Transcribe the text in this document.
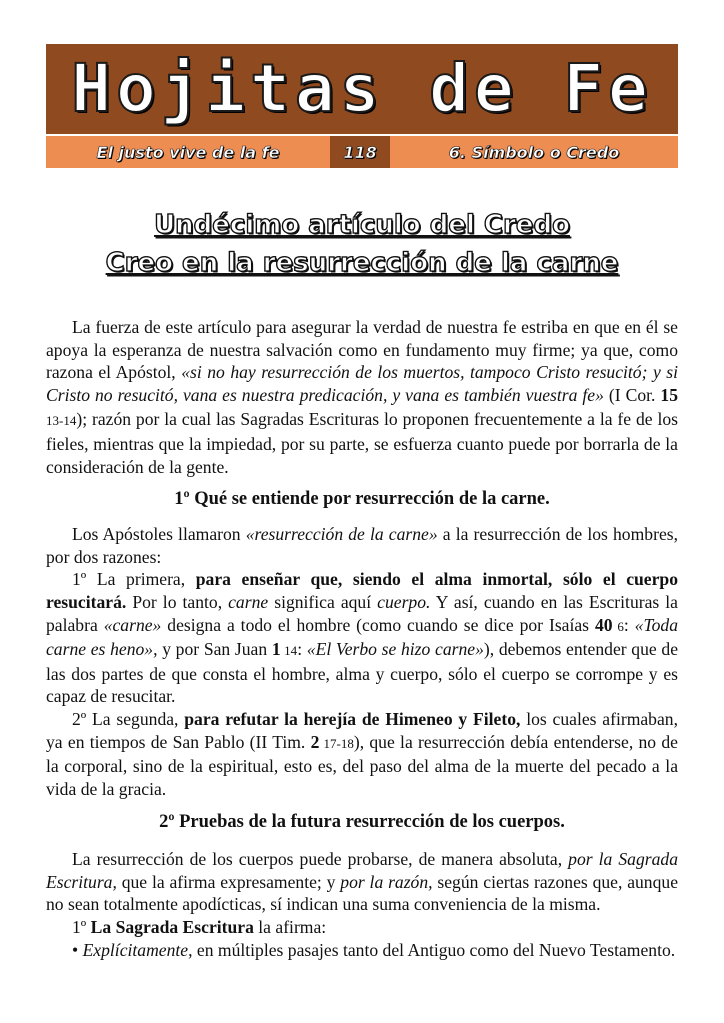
Hojitas de Fe
El justo vive de la fe	118	6. Símbolo o Credo
Undécimo artículo del Credo
Creo en la resurrección de la carne

La fuerza de este artículo para asegurar la verdad de nuestra fe estriba en que en él se apoya la esperanza de nuestra salvación como en fundamento muy firme; ya que, como razona el Apóstol, «si no hay resurrección de los muertos, tampoco Cristo resucitó; y si Cristo no resucitó, vana es nuestra predicación, y vana es también vuestra fe» (I Cor. 15 13-14); razón por la cual las Sagradas Escrituras lo proponen frecuentemente a la fe de los fieles, mientras que la impiedad, por su parte, se esfuerza cuanto puede por borrarla de la consideración de la gente.

1º Qué se entiende por resurrección de la carne.

Los Apóstoles llamaron «resurrección de la carne» a la resurrección de los hombres, por dos razones:

1º La primera, para enseñar que, siendo el alma inmortal, sólo el cuerpo resucitará. Por lo tanto, carne significa aquí cuerpo. Y así, cuando en las Escrituras la palabra «carne» designa a todo el hombre (como cuando se dice por Isaías 40 6: «Toda carne es heno», y por San Juan 1 14: «El Verbo se hizo carne»), debemos entender que de las dos partes de que consta el hombre, alma y cuerpo, sólo el cuerpo se corrompe y es capaz de resucitar.

2º La segunda, para refutar la herejía de Himeneo y Fileto, los cuales afirmaban, ya en tiempos de San Pablo (II Tim. 2 17-18), que la resurrección debía entenderse, no de la corporal, sino de la espiritual, esto es, del paso del alma de la muerte del pecado a la vida de la gracia.

2º Pruebas de la futura resurrección de los cuerpos.

La resurrección de los cuerpos puede probarse, de manera absoluta, por la Sagrada Escritura, que la afirma expresamente; y por la razón, según ciertas razones que, aunque no sean totalmente apodícticas, sí indican una suma conveniencia de la misma.

1º La Sagrada Escritura la afirma:

• Explícitamente, en múltiples pasajes tanto del Antiguo como del Nuevo Testamento.
